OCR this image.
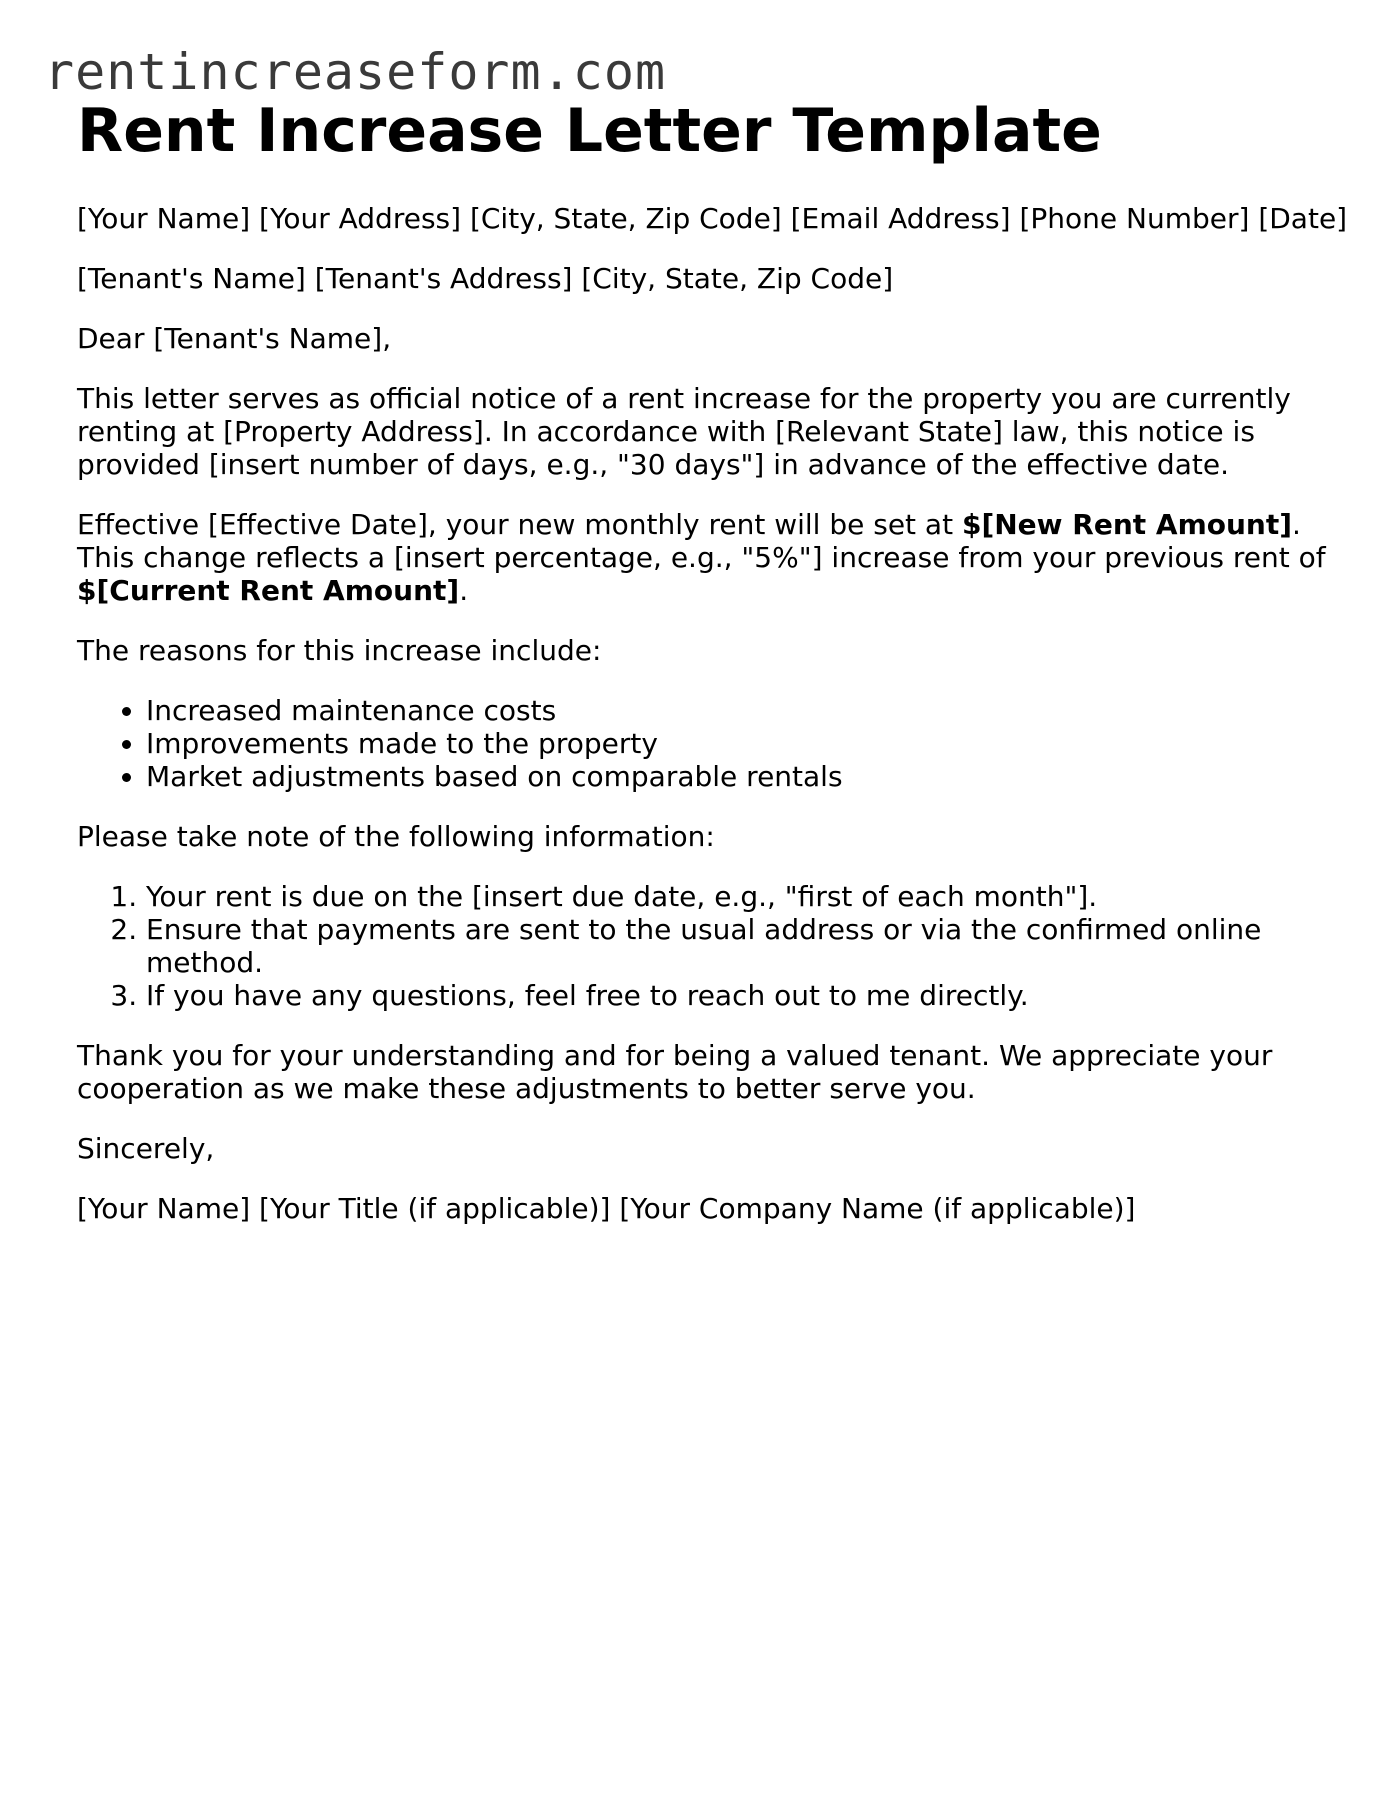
rentincreaseform.com
Rent Increase Letter Template

[Your Name] [Your Address] [City, State, Zip Code] [Email Address] [Phone Number] [Date]

[Tenant's Name] [Tenant's Address] [City, State, Zip Code]

Dear [Tenant's Name],

This letter serves as official notice of a rent increase for the property you are currently renting at [Property Address]. In accordance with [Relevant State] law, this notice is provided [insert number of days, e.g., "30 days"] in advance of the effective date.

Effective [Effective Date], your new monthly rent will be set at $[New Rent Amount]. This change reflects a [insert percentage, e.g., "5%"] increase from your previous rent of $[Current Rent Amount].

The reasons for this increase include:

• Increased maintenance costs
• Improvements made to the property
• Market adjustments based on comparable rentals

Please take note of the following information:

1. Your rent is due on the [insert due date, e.g., "first of each month"].
2. Ensure that payments are sent to the usual address or via the confirmed online method.
3. If you have any questions, feel free to reach out to me directly.

Thank you for your understanding and for being a valued tenant. We appreciate your cooperation as we make these adjustments to better serve you.

Sincerely,

[Your Name] [Your Title (if applicable)] [Your Company Name (if applicable)]
